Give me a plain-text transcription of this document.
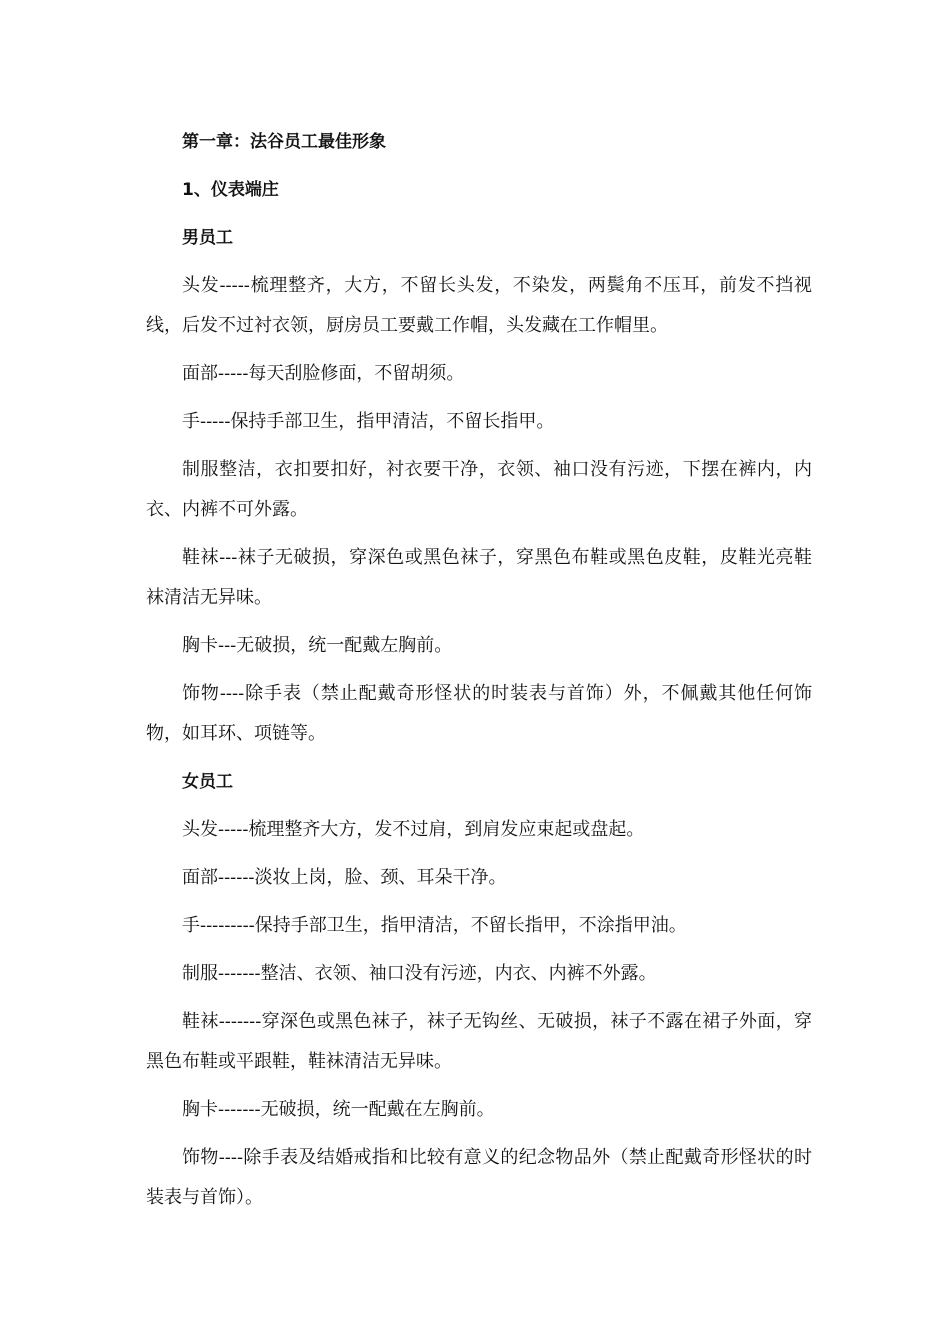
第一章：法谷员工最佳形象

1、仪表端庄

男员工

头发-----梳理整齐，大方，不留长头发，不染发，两鬓角不压耳，前发不挡视线，后发不过衬衣领，厨房员工要戴工作帽，头发藏在工作帽里。

面部-----每天刮脸修面，不留胡须。

手-----保持手部卫生，指甲清洁，不留长指甲。

制服整洁，衣扣要扣好，衬衣要干净，衣领、袖口没有污迹，下摆在裤内，内衣、内裤不可外露。

鞋袜---袜子无破损，穿深色或黑色袜子，穿黑色布鞋或黑色皮鞋，皮鞋光亮鞋袜清洁无异味。

胸卡---无破损，统一配戴左胸前。

饰物----除手表（禁止配戴奇形怪状的时装表与首饰）外，不佩戴其他任何饰物，如耳环、项链等。

女员工

头发-----梳理整齐大方，发不过肩，到肩发应束起或盘起。

面部------淡妆上岗，脸、颈、耳朵干净。

手---------保持手部卫生，指甲清洁，不留长指甲，不涂指甲油。

制服-------整洁、衣领、袖口没有污迹，内衣、内裤不外露。

鞋袜-------穿深色或黑色袜子，袜子无钩丝、无破损，袜子不露在裙子外面，穿黑色布鞋或平跟鞋，鞋袜清洁无异味。

胸卡-------无破损，统一配戴在左胸前。

饰物----除手表及结婚戒指和比较有意义的纪念物品外（禁止配戴奇形怪状的时装表与首饰）。
